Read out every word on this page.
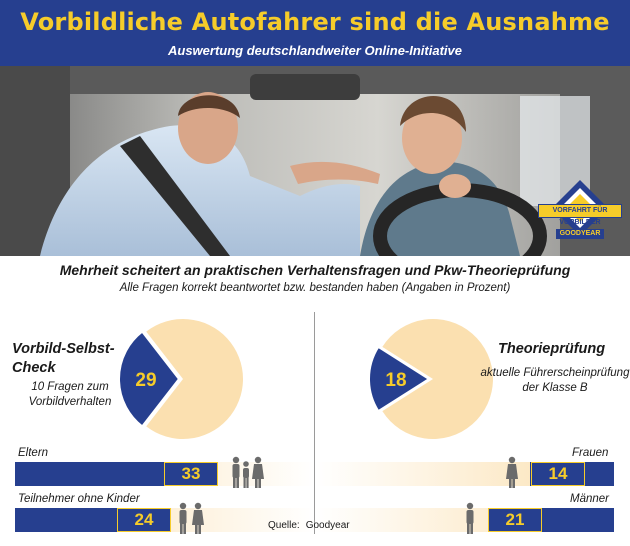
Vorbildliche Autofahrer sind die Ausnahme
Auswertung deutschlandweiter Online-Initiative
VORFAHRT FÜR VORBILDER
GOODYEAR
Mehrheit scheitert an praktischen Verhaltensfragen und Pkw-Theorieprüfung
Alle Fragen korrekt beantwortet bzw. bestanden haben (Angaben in Prozent)
29
Vorbild-Selbst-Check
10 Fragen zum Vorbildverhalten
18
Theorieprüfung
aktuelle Führerscheinprüfung der Klasse B
Eltern
33
Teilnehmer ohne Kinder
24
Frauen
14
Männer
21
Quelle: Goodyear
